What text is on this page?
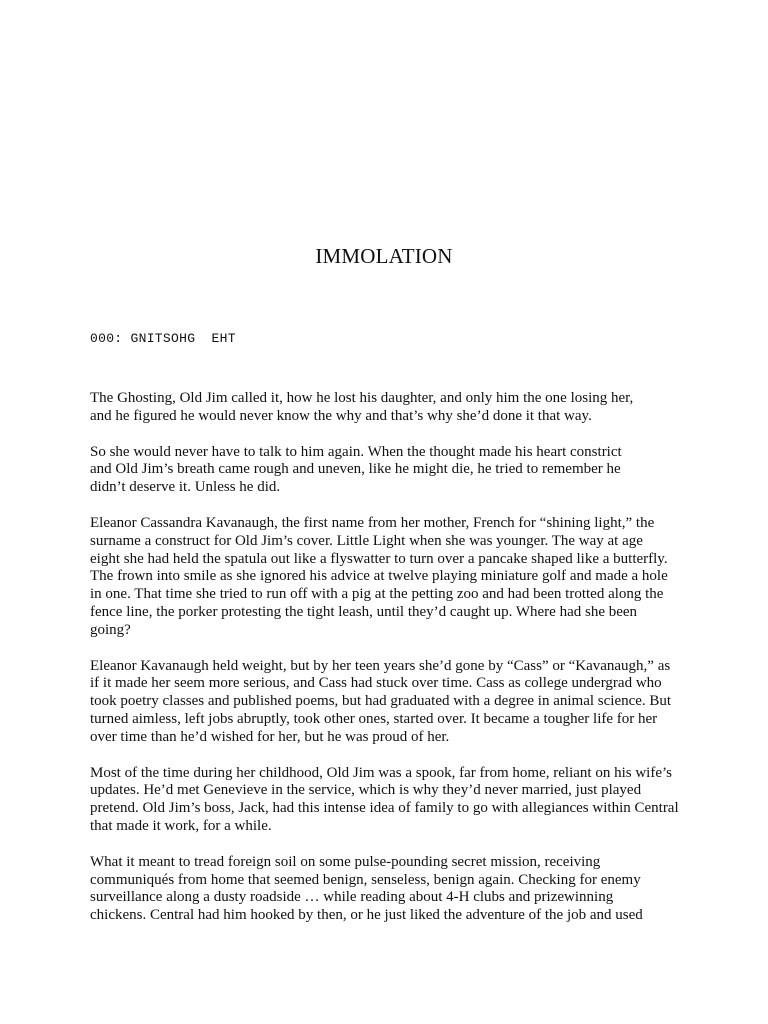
IMMOLATION
000: GNITSOHG  EHT

The Ghosting, Old Jim called it, how he lost his daughter, and only him the one losing her,
and he figured he would never know the why and that’s why she’d done it that way.

So she would never have to talk to him again. When the thought made his heart constrict
and Old Jim’s breath came rough and uneven, like he might die, he tried to remember he
didn’t deserve it. Unless he did.

Eleanor Cassandra Kavanaugh, the first name from her mother, French for “shining light,” the
surname a construct for Old Jim’s cover. Little Light when she was younger. The way at age
eight she had held the spatula out like a flyswatter to turn over a pancake shaped like a butterfly.
The frown into smile as she ignored his advice at twelve playing miniature golf and made a hole
in one. That time she tried to run off with a pig at the petting zoo and had been trotted along the
fence line, the porker protesting the tight leash, until they’d caught up. Where had she been
going?

Eleanor Kavanaugh held weight, but by her teen years she’d gone by “Cass” or “Kavanaugh,” as
if it made her seem more serious, and Cass had stuck over time. Cass as college undergrad who
took poetry classes and published poems, but had graduated with a degree in animal science. But
turned aimless, left jobs abruptly, took other ones, started over. It became a tougher life for her
over time than he’d wished for her, but he was proud of her.

Most of the time during her childhood, Old Jim was a spook, far from home, reliant on his wife’s
updates. He’d met Genevieve in the service, which is why they’d never married, just played
pretend. Old Jim’s boss, Jack, had this intense idea of family to go with allegiances within Central
that made it work, for a while.

What it meant to tread foreign soil on some pulse-pounding secret mission, receiving
communiqués from home that seemed benign, senseless, benign again. Checking for enemy
surveillance along a dusty roadside … while reading about 4-H clubs and prizewinning
chickens. Central had him hooked by then, or he just liked the adventure of the job and used
